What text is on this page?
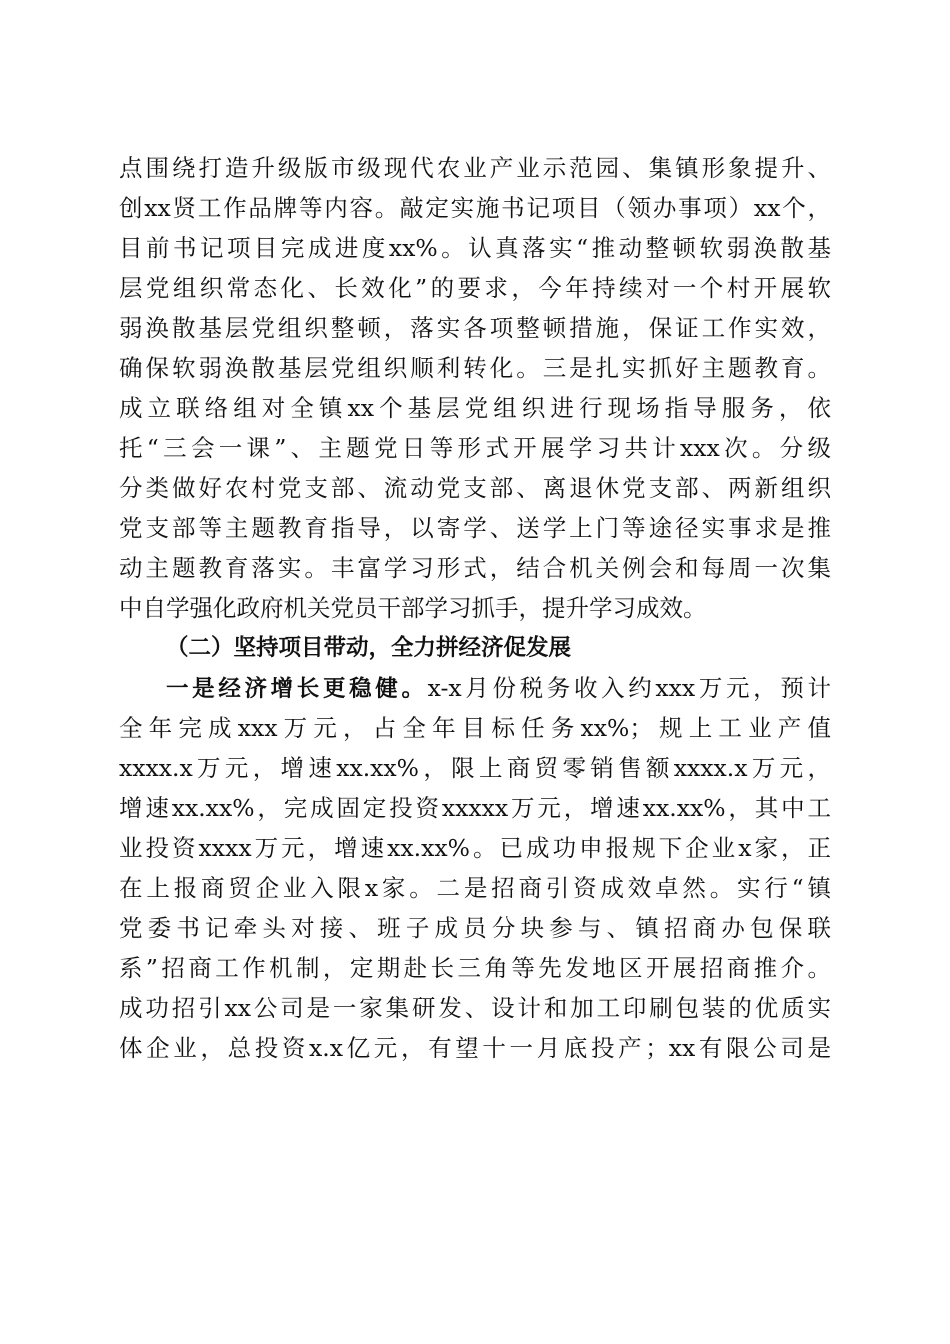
点围绕打造升级版市级现代农业产业示范园、集镇形象提升、
创xx贤工作品牌等内容。敲定实施书记项目（领办事项）xx个，
目前书记项目完成进度xx%。认真落实“推动整顿软弱涣散基
层党组织常态化、长效化”的要求，今年持续对一个村开展软
弱涣散基层党组织整顿，落实各项整顿措施，保证工作实效，
确保软弱涣散基层党组织顺利转化。三是扎实抓好主题教育。
成立联络组对全镇xx个基层党组织进行现场指导服务，依
托“三会一课”、主题党日等形式开展学习共计xxx次。分级
分类做好农村党支部、流动党支部、离退休党支部、两新组织
党支部等主题教育指导，以寄学、送学上门等途径实事求是推
动主题教育落实。丰富学习形式，结合机关例会和每周一次集
中自学强化政府机关党员干部学习抓手，提升学习成效。
（二）坚持项目带动，全力拼经济促发展
一是经济增长更稳健。x-x月份税务收入约xxx万元，预计
全年完成xxx万元，占全年目标任务xx%；规上工业产值
xxxx.x万元，增速xx.xx%，限上商贸零销售额xxxx.x万元，
增速xx.xx%，完成固定投资xxxxx万元，增速xx.xx%，其中工
业投资xxxx万元，增速xx.xx%。已成功申报规下企业x家，正
在上报商贸企业入限x家。二是招商引资成效卓然。实行“镇
党委书记牵头对接、班子成员分块参与、镇招商办包保联
系”招商工作机制，定期赴长三角等先发地区开展招商推介。
成功招引xx公司是一家集研发、设计和加工印刷包装的优质实
体企业，总投资x.x亿元，有望十一月底投产；xx有限公司是
